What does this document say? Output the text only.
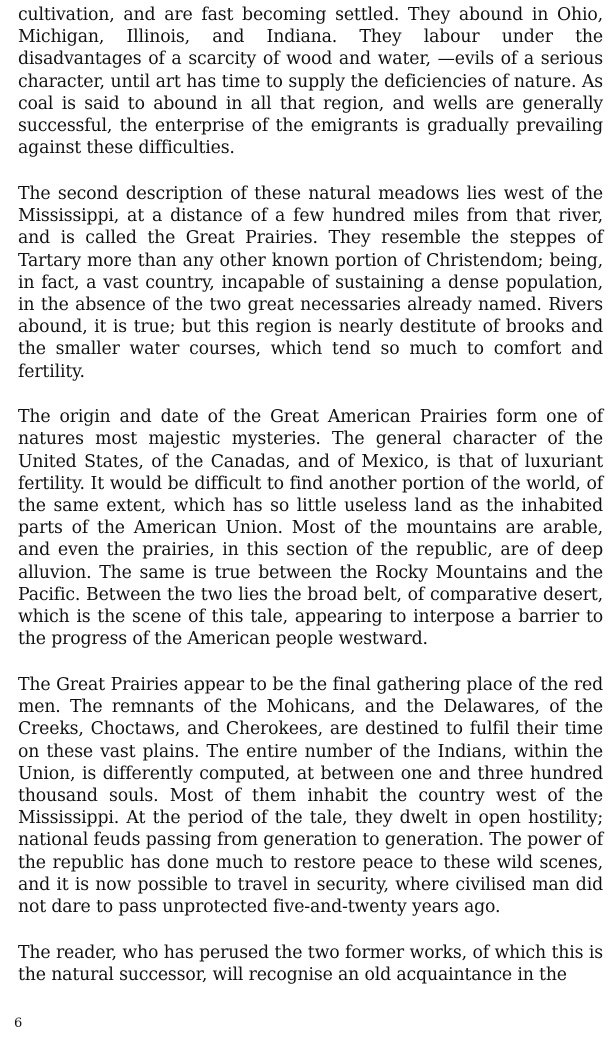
cultivation, and are fast becoming settled. They abound in Ohio, Michigan, Illinois, and Indiana. They labour under the disadvantages of a scarcity of wood and water, —evils of a serious character, until art has time to supply the deficiencies of nature. As coal is said to abound in all that region, and wells are generally successful, the enterprise of the emigrants is gradually prevailing against these difficulties.

The second description of these natural meadows lies west of the Mississippi, at a distance of a few hundred miles from that river, and is called the Great Prairies. They resemble the steppes of Tartary more than any other known portion of Christendom; being, in fact, a vast country, incapable of sustaining a dense population, in the absence of the two great necessaries already named. Rivers abound, it is true; but this region is nearly destitute of brooks and the smaller water courses, which tend so much to comfort and fertility.

The origin and date of the Great American Prairies form one of natures most majestic mysteries. The general character of the United States, of the Canadas, and of Mexico, is that of luxuriant fertility. It would be difficult to find another portion of the world, of the same extent, which has so little useless land as the inhabited parts of the American Union. Most of the mountains are arable, and even the prairies, in this section of the republic, are of deep alluvion. The same is true between the Rocky Mountains and the Pacific. Between the two lies the broad belt, of comparative desert, which is the scene of this tale, appearing to interpose a barrier to the progress of the American people westward.

The Great Prairies appear to be the final gathering place of the red men. The remnants of the Mohicans, and the Delawares, of the Creeks, Choctaws, and Cherokees, are destined to fulfil their time on these vast plains. The entire number of the Indians, within the Union, is differently computed, at between one and three hundred thousand souls. Most of them inhabit the country west of the Mississippi. At the period of the tale, they dwelt in open hostility; national feuds passing from generation to generation. The power of the republic has done much to restore peace to these wild scenes, and it is now possible to travel in security, where civilised man did not dare to pass unprotected five-and-twenty years ago.

The reader, who has perused the two former works, of which this is the natural successor, will recognise an old acquaintance in the

6
